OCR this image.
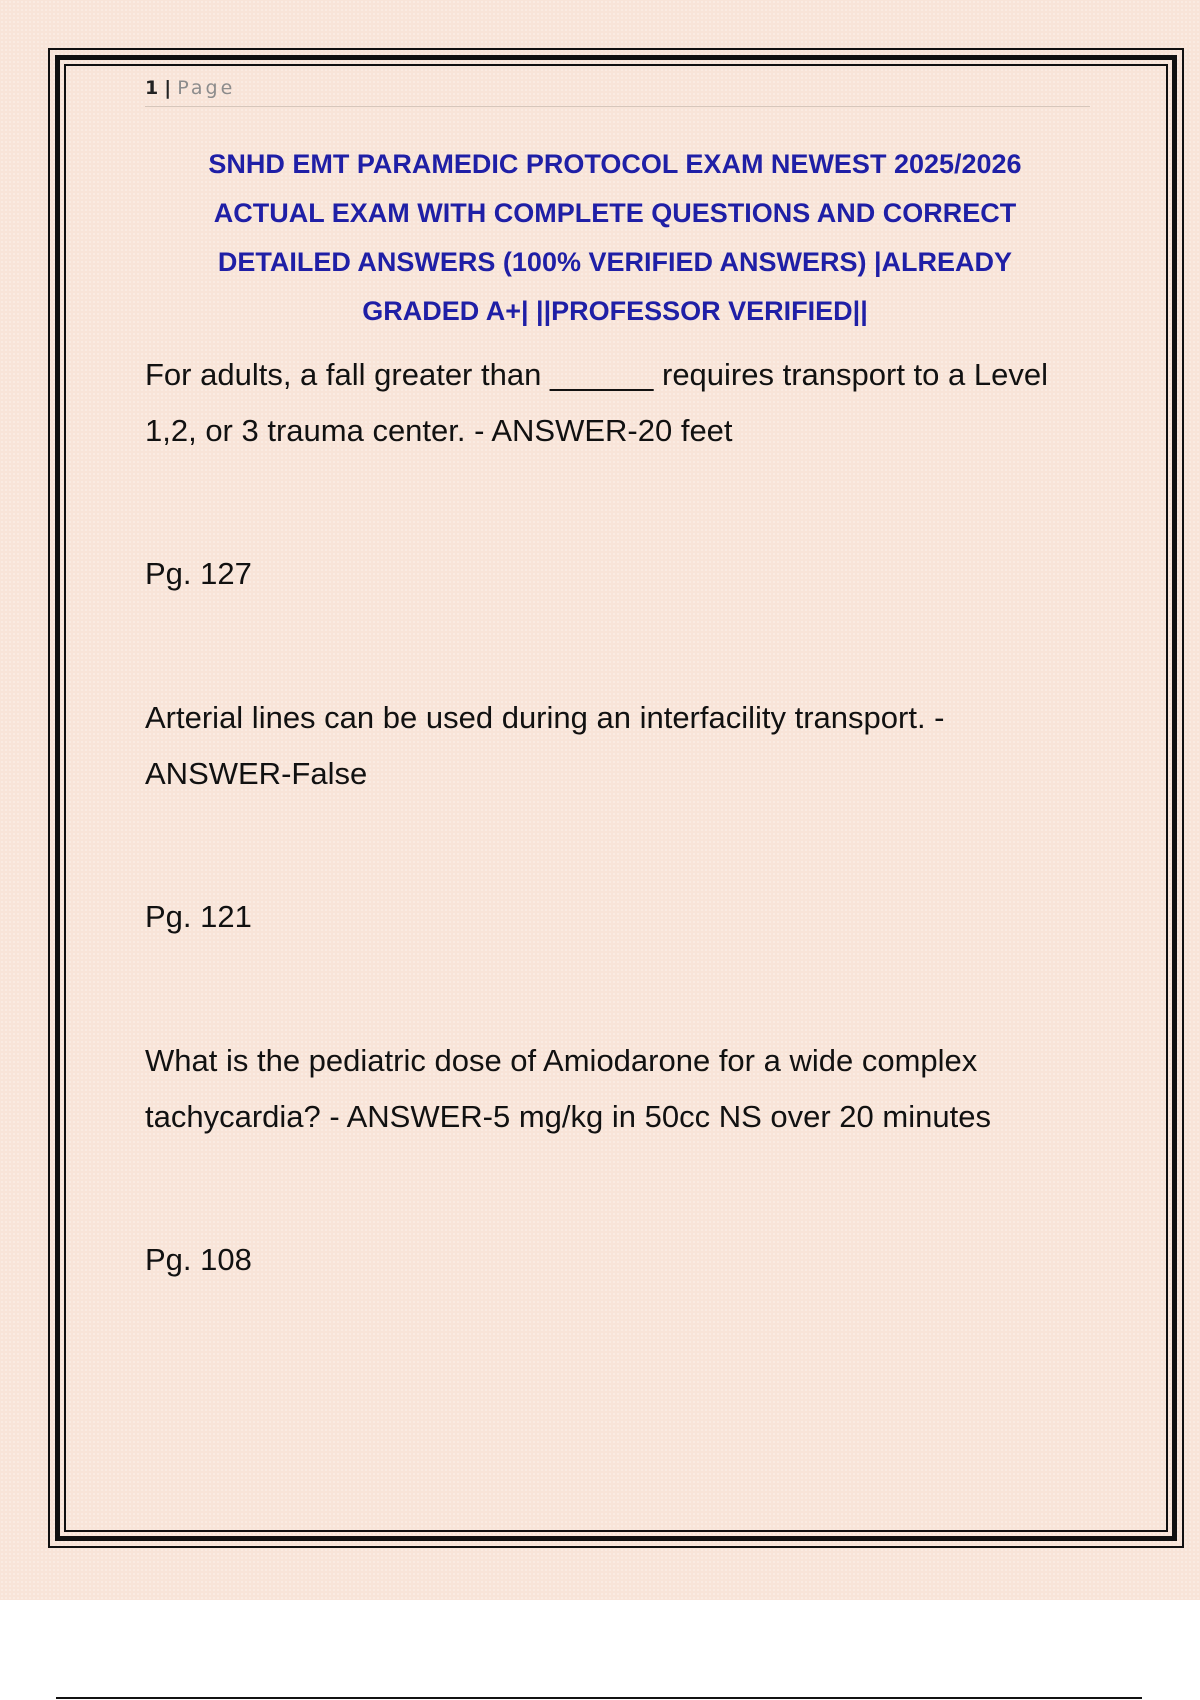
1 | Page
SNHD EMT PARAMEDIC PROTOCOL EXAM NEWEST 2025/2026
ACTUAL EXAM WITH COMPLETE QUESTIONS AND CORRECT
DETAILED ANSWERS (100% VERIFIED ANSWERS) |ALREADY
GRADED A+| ||PROFESSOR VERIFIED||
For adults, a fall greater than ______ requires transport to a Level
1,2, or 3 trauma center. - ANSWER-20 feet
Pg. 127
Arterial lines can be used during an interfacility transport. -
ANSWER-False
Pg. 121
What is the pediatric dose of Amiodarone for a wide complex
tachycardia? - ANSWER-5 mg/kg in 50cc NS over 20 minutes
Pg. 108
